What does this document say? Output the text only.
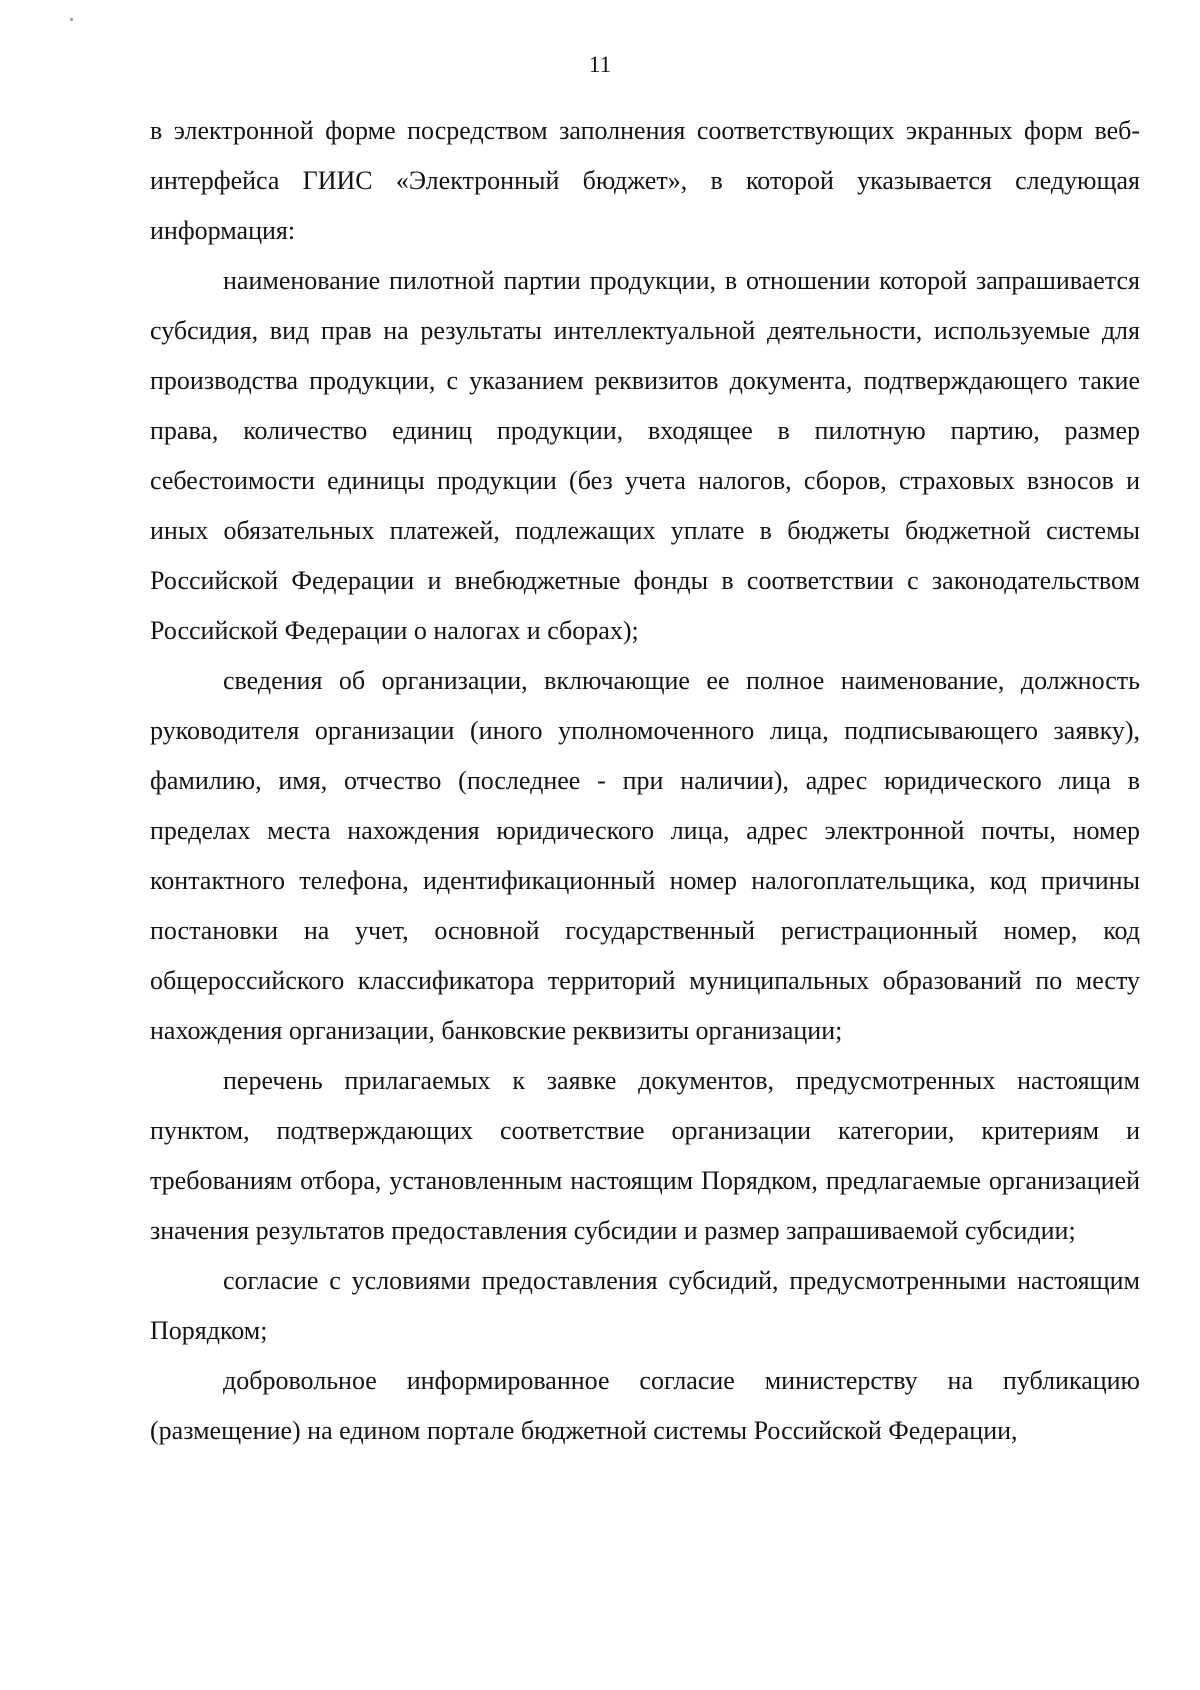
11

в электронной форме посредством заполнения соответствующих экранных форм веб-интерфейса ГИИС «Электронный бюджет», в которой указывается следующая информация:

наименование пилотной партии продукции, в отношении которой запрашивается субсидия, вид прав на результаты интеллектуальной деятельности, используемые для производства продукции, с указанием реквизитов документа, подтверждающего такие права, количество единиц продукции, входящее в пилотную партию, размер себестоимости единицы продукции (без учета налогов, сборов, страховых взносов и иных обязательных платежей, подлежащих уплате в бюджеты бюджетной системы Российской Федерации и внебюджетные фонды в соответствии с законодательством Российской Федерации о налогах и сборах);

сведения об организации, включающие ее полное наименование, должность руководителя организации (иного уполномоченного лица, подписывающего заявку), фамилию, имя, отчество (последнее - при наличии), адрес юридического лица в пределах места нахождения юридического лица, адрес электронной почты, номер контактного телефона, идентификационный номер налогоплательщика, код причины постановки на учет, основной государственный регистрационный номер, код общероссийского классификатора территорий муниципальных образований по месту нахождения организации, банковские реквизиты организации;

перечень прилагаемых к заявке документов, предусмотренных настоящим пунктом, подтверждающих соответствие организации категории, критериям и требованиям отбора, установленным настоящим Порядком, предлагаемые организацией значения результатов предоставления субсидии и размер запрашиваемой субсидии;

согласие с условиями предоставления субсидий, предусмотренными настоящим Порядком;

добровольное информированное согласие министерству на публикацию (размещение) на едином портале бюджетной системы Российской Федерации,
